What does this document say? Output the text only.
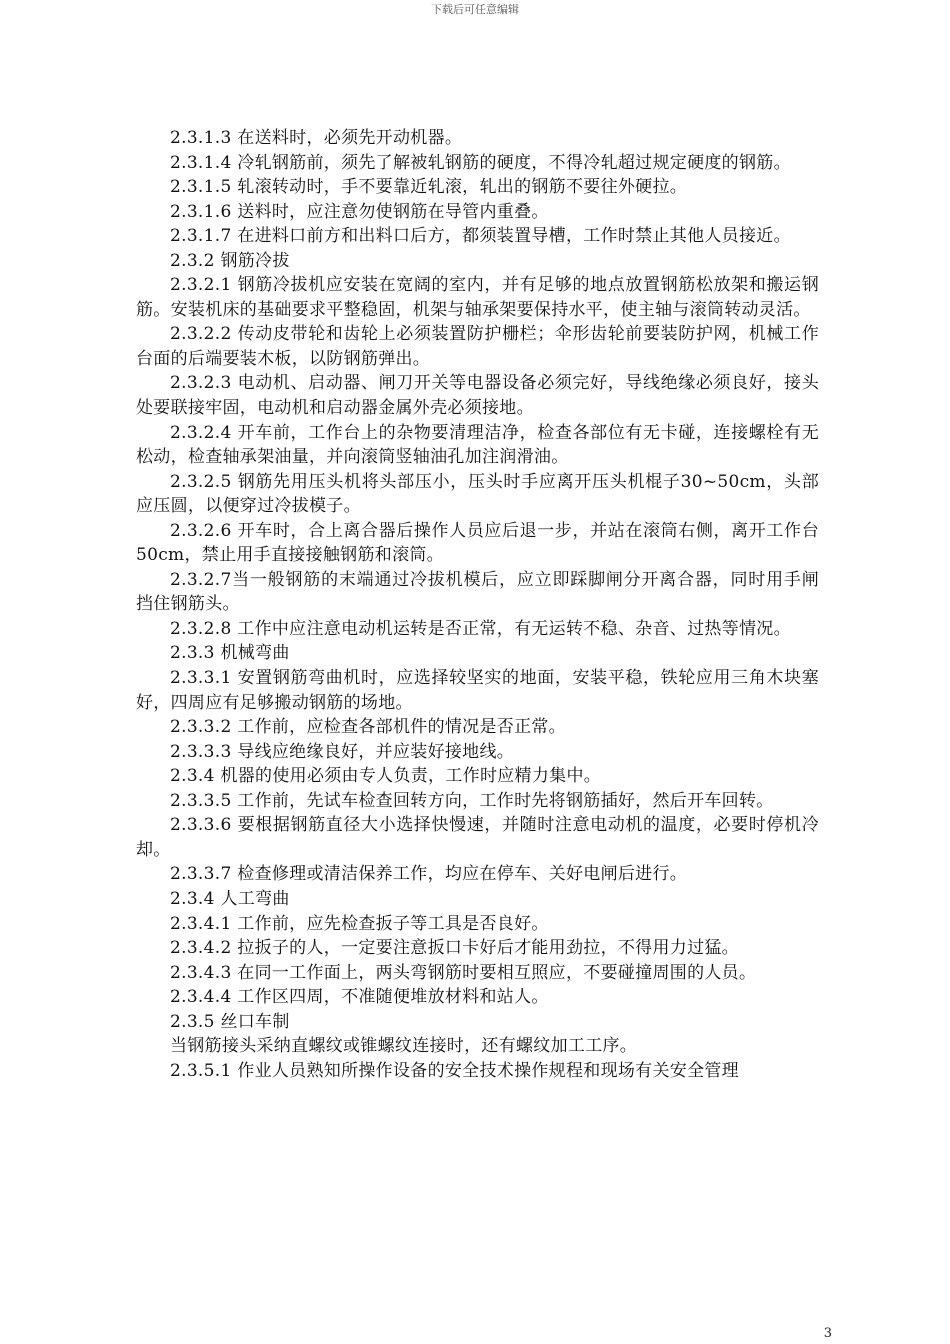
下载后可任意编辑

2.3.1.3 在送料时，必须先开动机器。

2.3.1.4 冷轧钢筋前，须先了解被轧钢筋的硬度，不得冷轧超过规定硬度的钢筋。

2.3.1.5 轧滚转动时，手不要靠近轧滚，轧出的钢筋不要往外硬拉。

2.3.1.6 送料时，应注意勿使钢筋在导管内重叠。

2.3.1.7 在进料口前方和出料口后方，都须装置导槽，工作时禁止其他人员接近。

2.3.2 钢筋冷拔

2.3.2.1 钢筋冷拔机应安装在宽阔的室内，并有足够的地点放置钢筋松放架和搬运钢筋。安装机床的基础要求平整稳固，机架与轴承架要保持水平，使主轴与滚筒转动灵活。

2.3.2.2 传动皮带轮和齿轮上必须装置防护栅栏；伞形齿轮前要装防护网，机械工作台面的后端要装木板，以防钢筋弹出。

2.3.2.3 电动机、启动器、闸刀开关等电器设备必须完好，导线绝缘必须良好，接头处要联接牢固，电动机和启动器金属外壳必须接地。

2.3.2.4 开车前，工作台上的杂物要清理洁净，检查各部位有无卡碰，连接螺栓有无松动，检查轴承架油量，并向滚筒竖轴油孔加注润滑油。

2.3.2.5 钢筋先用压头机将头部压小，压头时手应离开压头机棍子30~50cm，头部应压圆，以便穿过冷拔模子。

2.3.2.6 开车时，合上离合器后操作人员应后退一步，并站在滚筒右侧，离开工作台50cm，禁止用手直接接触钢筋和滚筒。

2.3.2.7当一般钢筋的末端通过冷拔机模后，应立即踩脚闸分开离合器，同时用手闸挡住钢筋头。

2.3.2.8 工作中应注意电动机运转是否正常，有无运转不稳、杂音、过热等情况。

2.3.3 机械弯曲

2.3.3.1 安置钢筋弯曲机时，应选择较坚实的地面，安装平稳，铁轮应用三角木块塞好，四周应有足够搬动钢筋的场地。

2.3.3.2 工作前，应检查各部机件的情况是否正常。

2.3.3.3 导线应绝缘良好，并应装好接地线。

2.3.4 机器的使用必须由专人负责，工作时应精力集中。

2.3.3.5 工作前，先试车检查回转方向，工作时先将钢筋插好，然后开车回转。

2.3.3.6 要根据钢筋直径大小选择快慢速，并随时注意电动机的温度，必要时停机冷却。

2.3.3.7 检查修理或清洁保养工作，均应在停车、关好电闸后进行。

2.3.4 人工弯曲

2.3.4.1 工作前，应先检查扳子等工具是否良好。

2.3.4.2 拉扳子的人，一定要注意扳口卡好后才能用劲拉，不得用力过猛。

2.3.4.3 在同一工作面上，两头弯钢筋时要相互照应，不要碰撞周围的人员。

2.3.4.4 工作区四周，不准随便堆放材料和站人。

2.3.5 丝口车制

当钢筋接头采纳直螺纹或锥螺纹连接时，还有螺纹加工工序。

2.3.5.1 作业人员熟知所操作设备的安全技术操作规程和现场有关安全管理

3
